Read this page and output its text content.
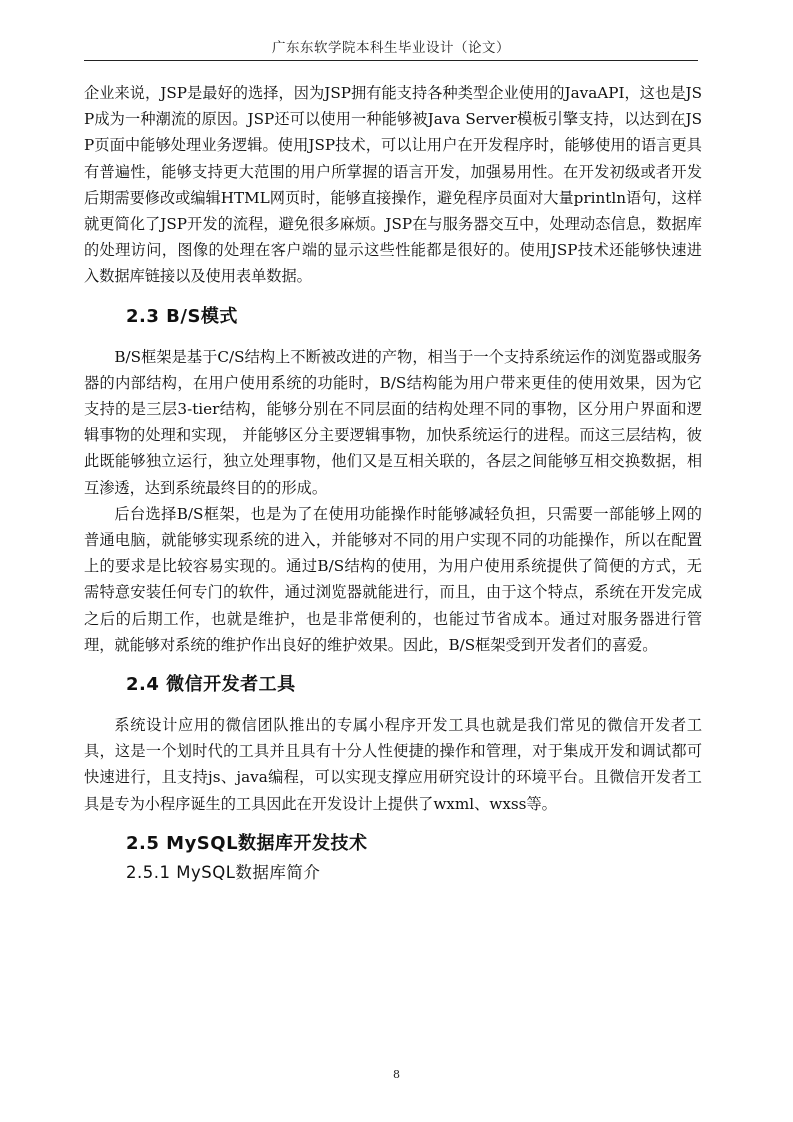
广东东软学院本科生毕业设计（论文）

企业来说，JSP是最好的选择，因为JSP拥有能支持各种类型企业使用的JavaAPI，这也是JSP成为一种潮流的原因。JSP还可以使用一种能够被Java Server模板引擎支持，以达到在JSP页面中能够处理业务逻辑。使用JSP技术，可以让用户在开发程序时，能够使用的语言更具有普遍性，能够支持更大范围的用户所掌握的语言开发，加强易用性。在开发初级或者开发后期需要修改或编辑HTML网页时，能够直接操作，避免程序员面对大量println语句，这样就更简化了JSP开发的流程，避免很多麻烦。JSP在与服务器交互中，处理动态信息，数据库的处理访问，图像的处理在客户端的显示这些性能都是很好的。使用JSP技术还能够快速进入数据库链接以及使用表单数据。

2.3 B/S模式

B/S框架是基于C/S结构上不断被改进的产物，相当于一个支持系统运作的浏览器或服务器的内部结构，在用户使用系统的功能时，B/S结构能为用户带来更佳的使用效果，因为它支持的是三层3-tier结构，能够分别在不同层面的结构处理不同的事物，区分用户界面和逻辑事物的处理和实现， 并能够区分主要逻辑事物，加快系统运行的进程。而这三层结构，彼此既能够独立运行，独立处理事物，他们又是互相关联的，各层之间能够互相交换数据，相互渗透，达到系统最终目的的形成。

后台选择B/S框架，也是为了在使用功能操作时能够减轻负担，只需要一部能够上网的普通电脑，就能够实现系统的进入，并能够对不同的用户实现不同的功能操作，所以在配置上的要求是比较容易实现的。通过B/S结构的使用，为用户使用系统提供了简便的方式，无需特意安装任何专门的软件，通过浏览器就能进行，而且，由于这个特点，系统在开发完成之后的后期工作，也就是维护，也是非常便利的，也能过节省成本。通过对服务器进行管理，就能够对系统的维护作出良好的维护效果。因此，B/S框架受到开发者们的喜爱。

2.4 微信开发者工具

系统设计应用的微信团队推出的专属小程序开发工具也就是我们常见的微信开发者工具，这是一个划时代的工具并且具有十分人性便捷的操作和管理，对于集成开发和调试都可快速进行，且支持js、java编程，可以实现支撑应用研究设计的环境平台。且微信开发者工具是专为小程序诞生的工具因此在开发设计上提供了wxml、wxss等。

2.5 MySQL数据库开发技术
2.5.1 MySQL数据库简介
8
